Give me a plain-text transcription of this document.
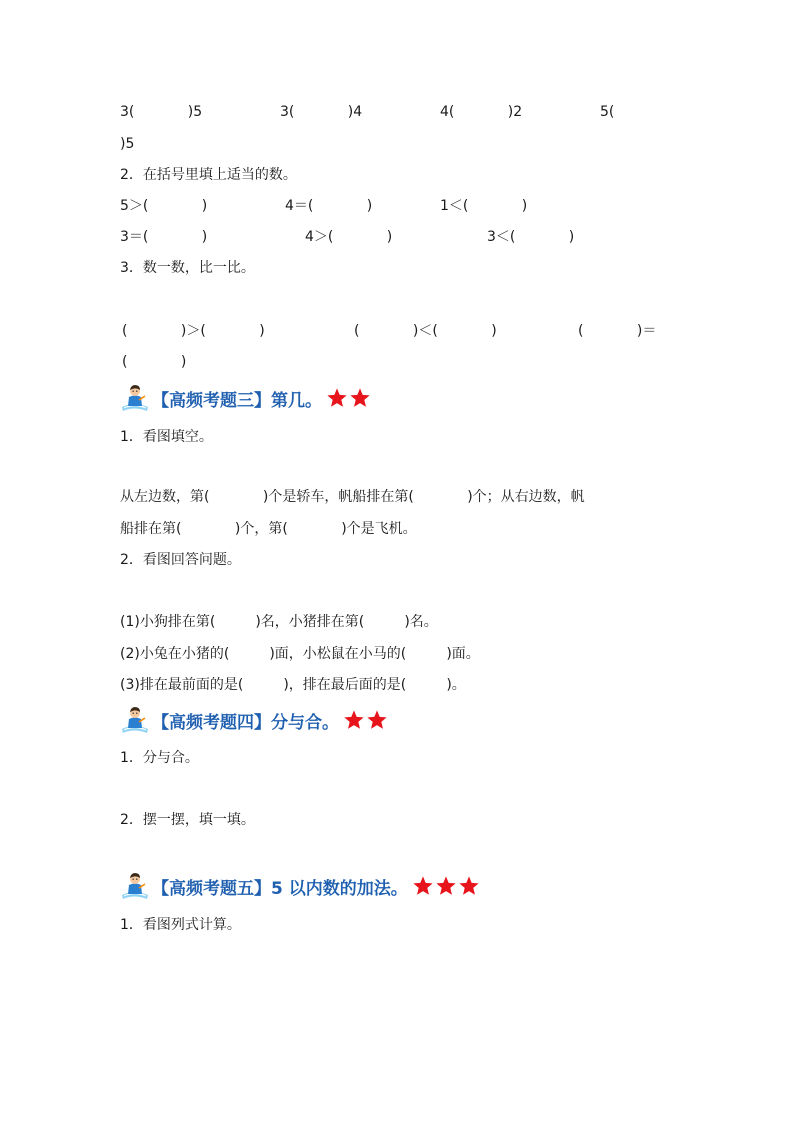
3(            )5	3(            )4	4(            )2	5(
)5
2．在括号里填上适当的数。
5＞(            )	4＝(            )	1＜(            )
3＝(            )	4＞(            )	3＜(            )
3．数一数，比一比。
(            )＞(            )	(            )＜(            )	(            )＝
(            )
【高频考题三】第几。
1．看图填空。
从左边数，第(            )个是轿车，帆船排在第(            )个；从右边数，帆
船排在第(            )个，第(            )个是飞机。
2．看图回答问题。
(1)小狗排在第(         )名，小猪排在第(         )名。
(2)小兔在小猪的(         )面，小松鼠在小马的(         )面。
(3)排在最前面的是(         )，排在最后面的是(         )。
【高频考题四】分与合。
1．分与合。
2．摆一摆，填一填。
【高频考题五】5 以内数的加法。
1．看图列式计算。
